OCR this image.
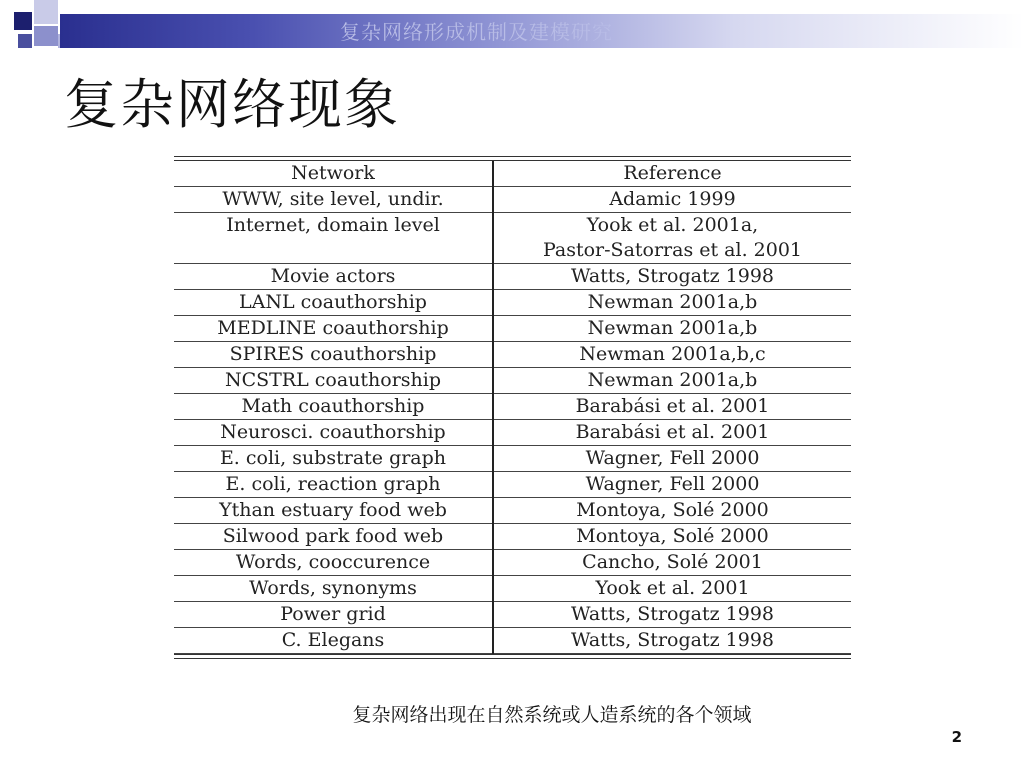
复杂网络形成机制及建模研究
复杂网络现象
Network	Reference
WWW, site level, undir.	Adamic 1999

Internet, domain level	Yook et al. 2001a,
Pastor-Satorras et al. 2001

Movie actors	Watts, Strogatz 1998

LANL coauthorship	Newman 2001a,b

MEDLINE coauthorship	Newman 2001a,b

SPIRES coauthorship	Newman 2001a,b,c

NCSTRL coauthorship	Newman 2001a,b

Math coauthorship	Barabási et al. 2001

Neurosci. coauthorship	Barabási et al. 2001

E. coli, substrate graph	Wagner, Fell 2000

E. coli, reaction graph	Wagner, Fell 2000

Ythan estuary food web	Montoya, Solé 2000

Silwood park food web	Montoya, Solé 2000

Words, cooccurence	Cancho, Solé 2001

Words, synonyms	Yook et al. 2001

Power grid	Watts, Strogatz 1998

C. Elegans	Watts, Strogatz 1998
复杂网络出现在自然系统或人造系统的各个领域
2
